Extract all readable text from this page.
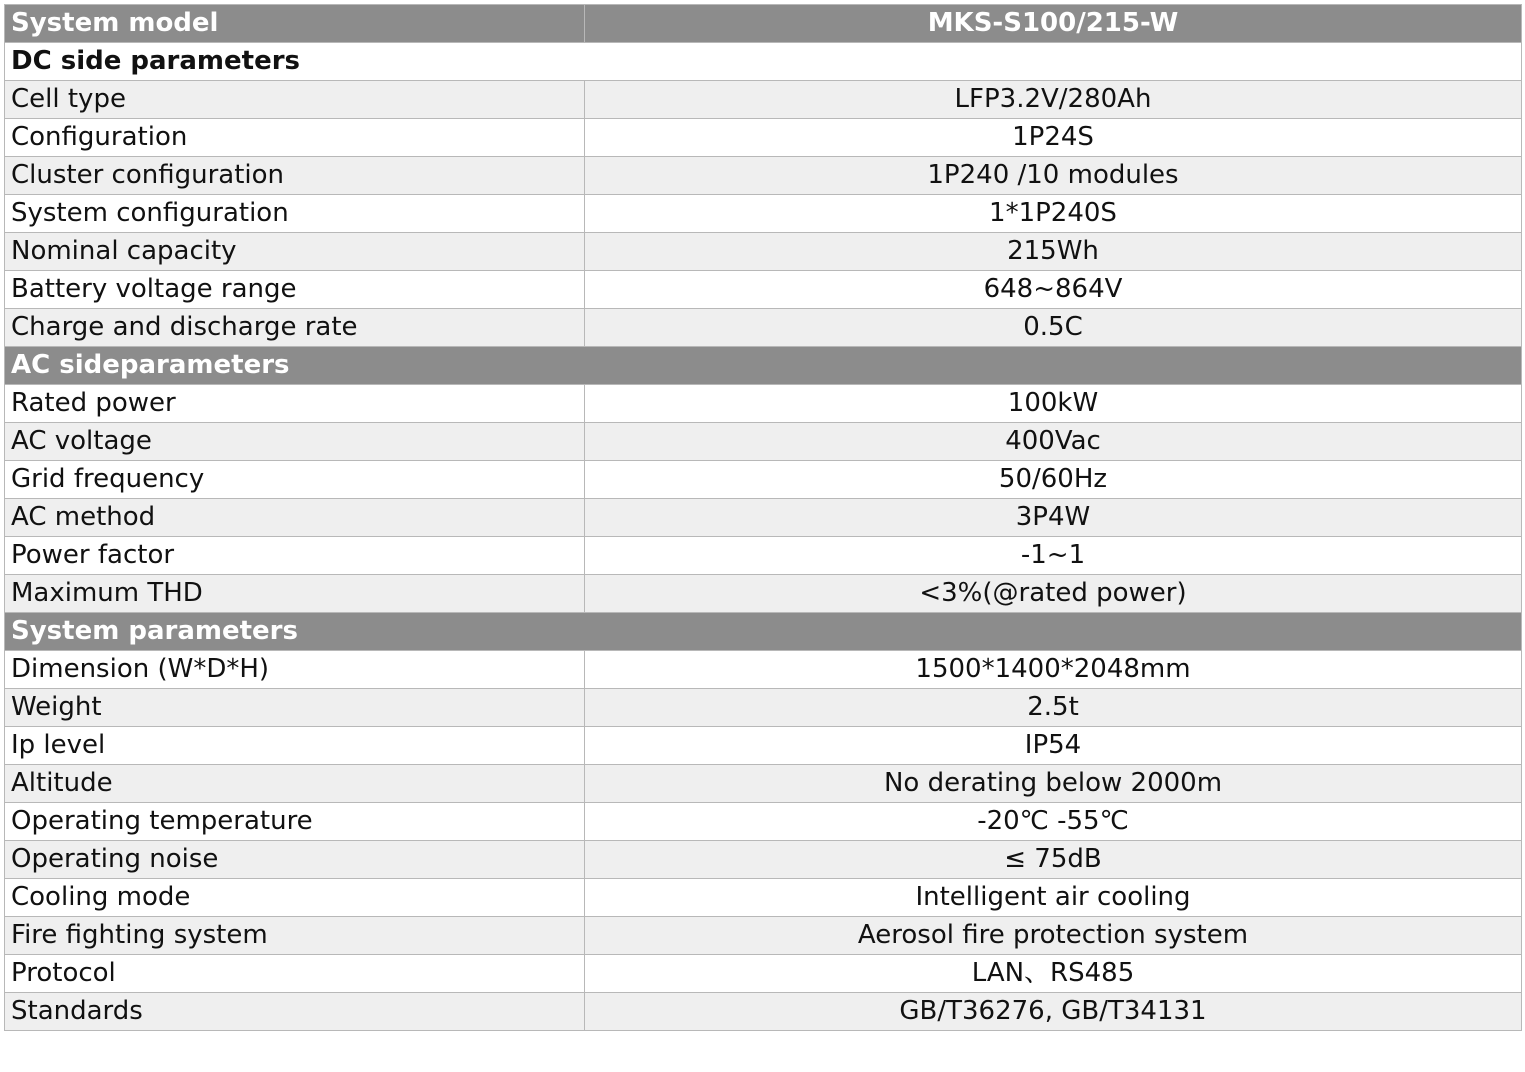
System model	MKS-S100/215-W
DC side parameters	
Cell type	LFP3.2V/280Ah
Configuration	1P24S
Cluster configuration	1P240 /10 modules
System configuration	1*1P240S
Nominal capacity	215Wh
Battery voltage range	648~864V
Charge and discharge rate	0.5C
AC sideparameters	
Rated power	100kW
AC voltage	400Vac
Grid frequency	50/60Hz
AC method	3P4W
Power factor	-1~1
Maximum THD	<3%(@rated power)
System parameters	
Dimension (W*D*H)	1500*1400*2048mm
Weight	2.5t
Ip level	IP54
Altitude	No derating below 2000m
Operating temperature	-20℃ -55℃
Operating noise	≤ 75dB
Cooling mode	Intelligent air cooling
Fire fighting system	Aerosol fire protection system
Protocol	LAN、RS485
Standards	GB/T36276, GB/T34131
